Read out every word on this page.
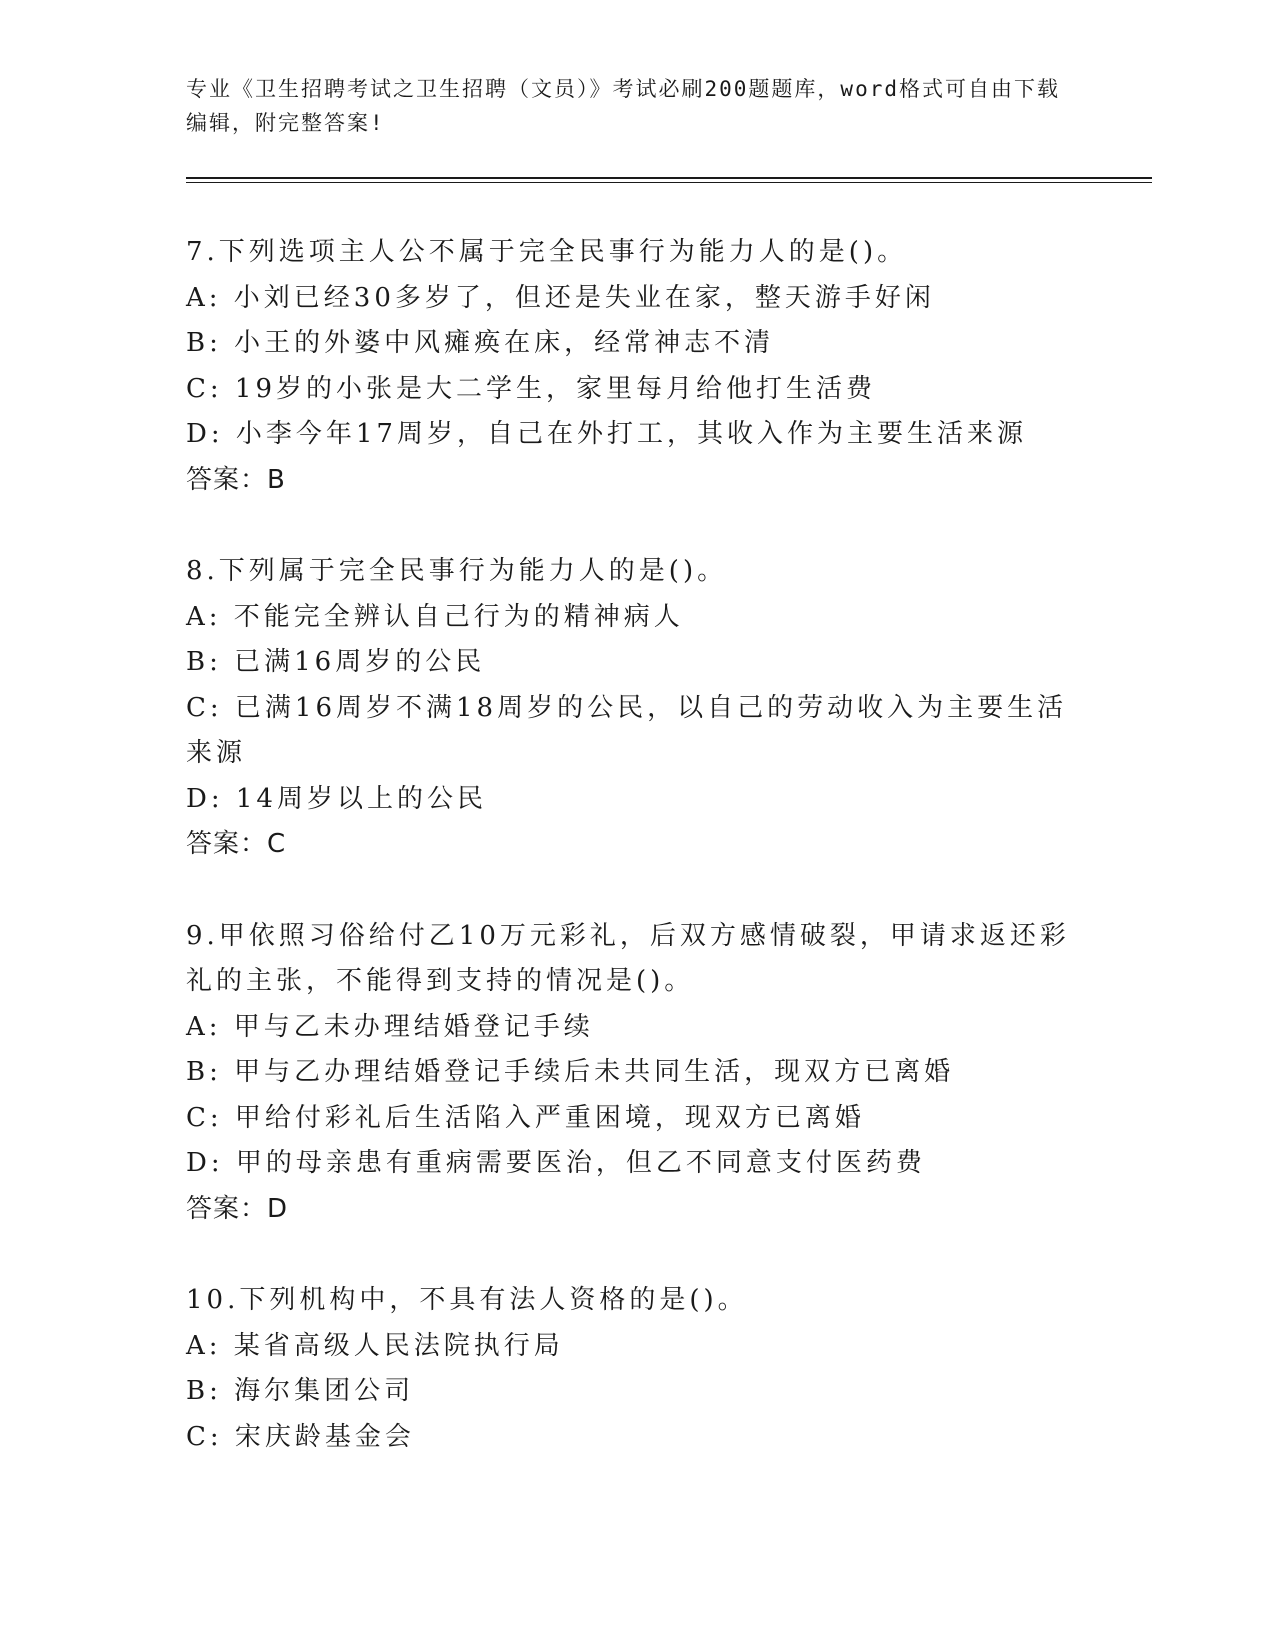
专业《卫生招聘考试之卫生招聘（文员）》考试必刷200题题库，word格式可自由下载编辑，附完整答案!
7.下列选项主人公不属于完全民事行为能力人的是()。
A: 小刘已经30多岁了，但还是失业在家，整天游手好闲
B: 小王的外婆中风瘫痪在床，经常神志不清
C: 19岁的小张是大二学生，家里每月给他打生活费
D: 小李今年17周岁，自己在外打工，其收入作为主要生活来源
答案：B
8.下列属于完全民事行为能力人的是()。
A: 不能完全辨认自己行为的精神病人
B: 已满16周岁的公民
C: 已满16周岁不满18周岁的公民，以自己的劳动收入为主要生活来源
D: 14周岁以上的公民
答案：C
9.甲依照习俗给付乙10万元彩礼，后双方感情破裂，甲请求返还彩礼的主张，不能得到支持的情况是()。
A: 甲与乙未办理结婚登记手续
B: 甲与乙办理结婚登记手续后未共同生活，现双方已离婚
C: 甲给付彩礼后生活陷入严重困境，现双方已离婚
D: 甲的母亲患有重病需要医治，但乙不同意支付医药费
答案：D
10.下列机构中，不具有法人资格的是()。
A: 某省高级人民法院执行局
B: 海尔集团公司
C: 宋庆龄基金会
